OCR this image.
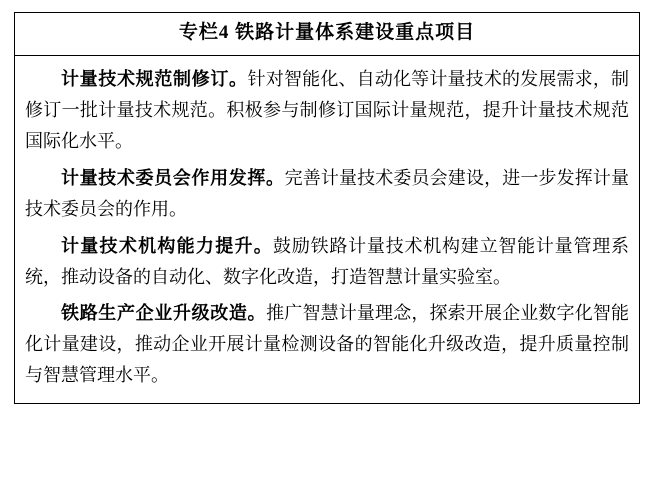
专栏4 铁路计量体系建设重点项目

计量技术规范制修订。针对智能化、自动化等计量技术的发展需求，制修订一批计量技术规范。积极参与制修订国际计量规范，提升计量技术规范国际化水平。

计量技术委员会作用发挥。完善计量技术委员会建设，进一步发挥计量技术委员会的作用。

计量技术机构能力提升。鼓励铁路计量技术机构建立智能计量管理系统，推动设备的自动化、数字化改造，打造智慧计量实验室。

铁路生产企业升级改造。推广智慧计量理念，探索开展企业数字化智能化计量建设，推动企业开展计量检测设备的智能化升级改造，提升质量控制与智慧管理水平。
